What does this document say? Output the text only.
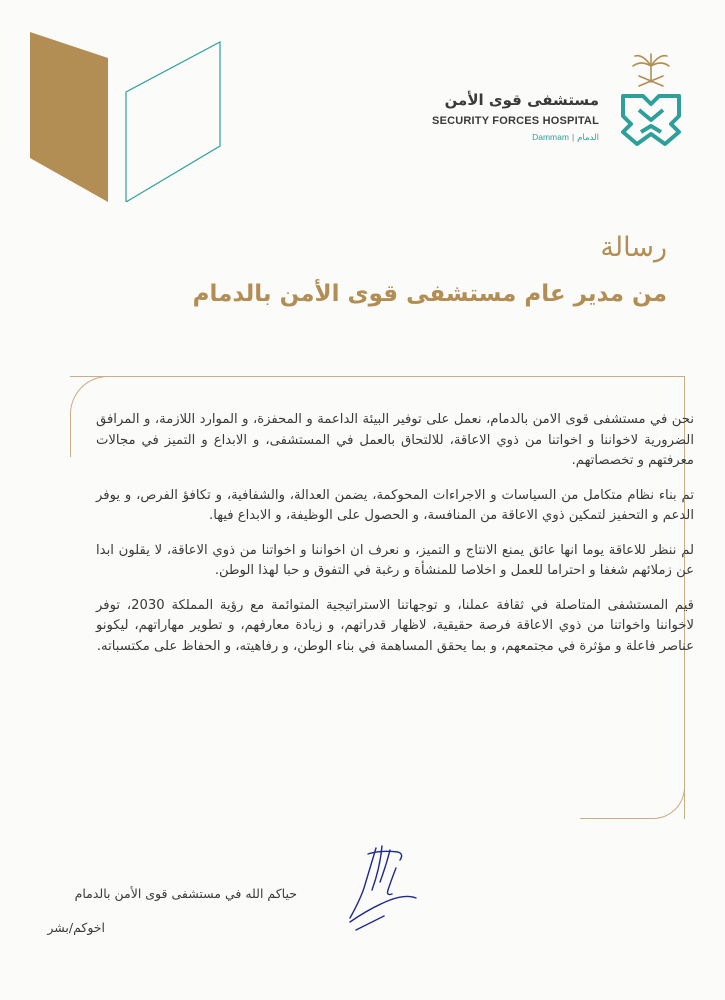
مستشفى قوى الأمن
SECURITY FORCES HOSPITAL
Dammam | الدمام
رسالة
من مدير عام مستشفى قوى الأمن بالدمام

نحن في مستشفى قوى الامن بالدمام، نعمل على توفير البيئة الداعمة و المحفزة، و الموارد اللازمة، و المرافق الضرورية لاخواننا و اخواتنا من ذوي الاعاقة، للالتحاق بالعمل في المستشفى، و الابداع و التميز في مجالات معرفتهم و تخصصاتهم.

تم بناء نظام متكامل من السياسات و الاجراءات المحوكمة، يضمن العدالة، والشفافية، و تكافؤ الفرص، و يوفر الدعم و التحفيز لتمكين ذوي الاعاقة من المنافسة، و الحصول على الوظيفة، و الابداع فيها.

لم ننظر للاعاقة يوما انها عائق يمنع الانتاج و التميز، و نعرف ان اخواننا و اخواتنا من ذوي الاعاقة، لا يقلون ابدا عن زملائهم شغفا و احتراما للعمل و اخلاصا للمنشأة و رغبة في التفوق و حبا لهذا الوطن.

قيم المستشفى المتاصلة في ثقافة عملنا، و توجهاتنا الاستراتيجية المتوائمة مع رؤية المملكة 2030، توفر لاخواننا واخواتنا من ذوي الاعاقة فرصة حقيقية، لاظهار قدراتهم، و زيادة معارفهم، و تطوير مهاراتهم، ليكونو عناصر فاعلة و مؤثرة في مجتمعهم، و بما يحقق المساهمة في بناء الوطن، و رفاهيته، و الحفاظ على مكتسباته.

حياكم الله في مستشفى قوى الأمن بالدمام
اخوكم/بشر
